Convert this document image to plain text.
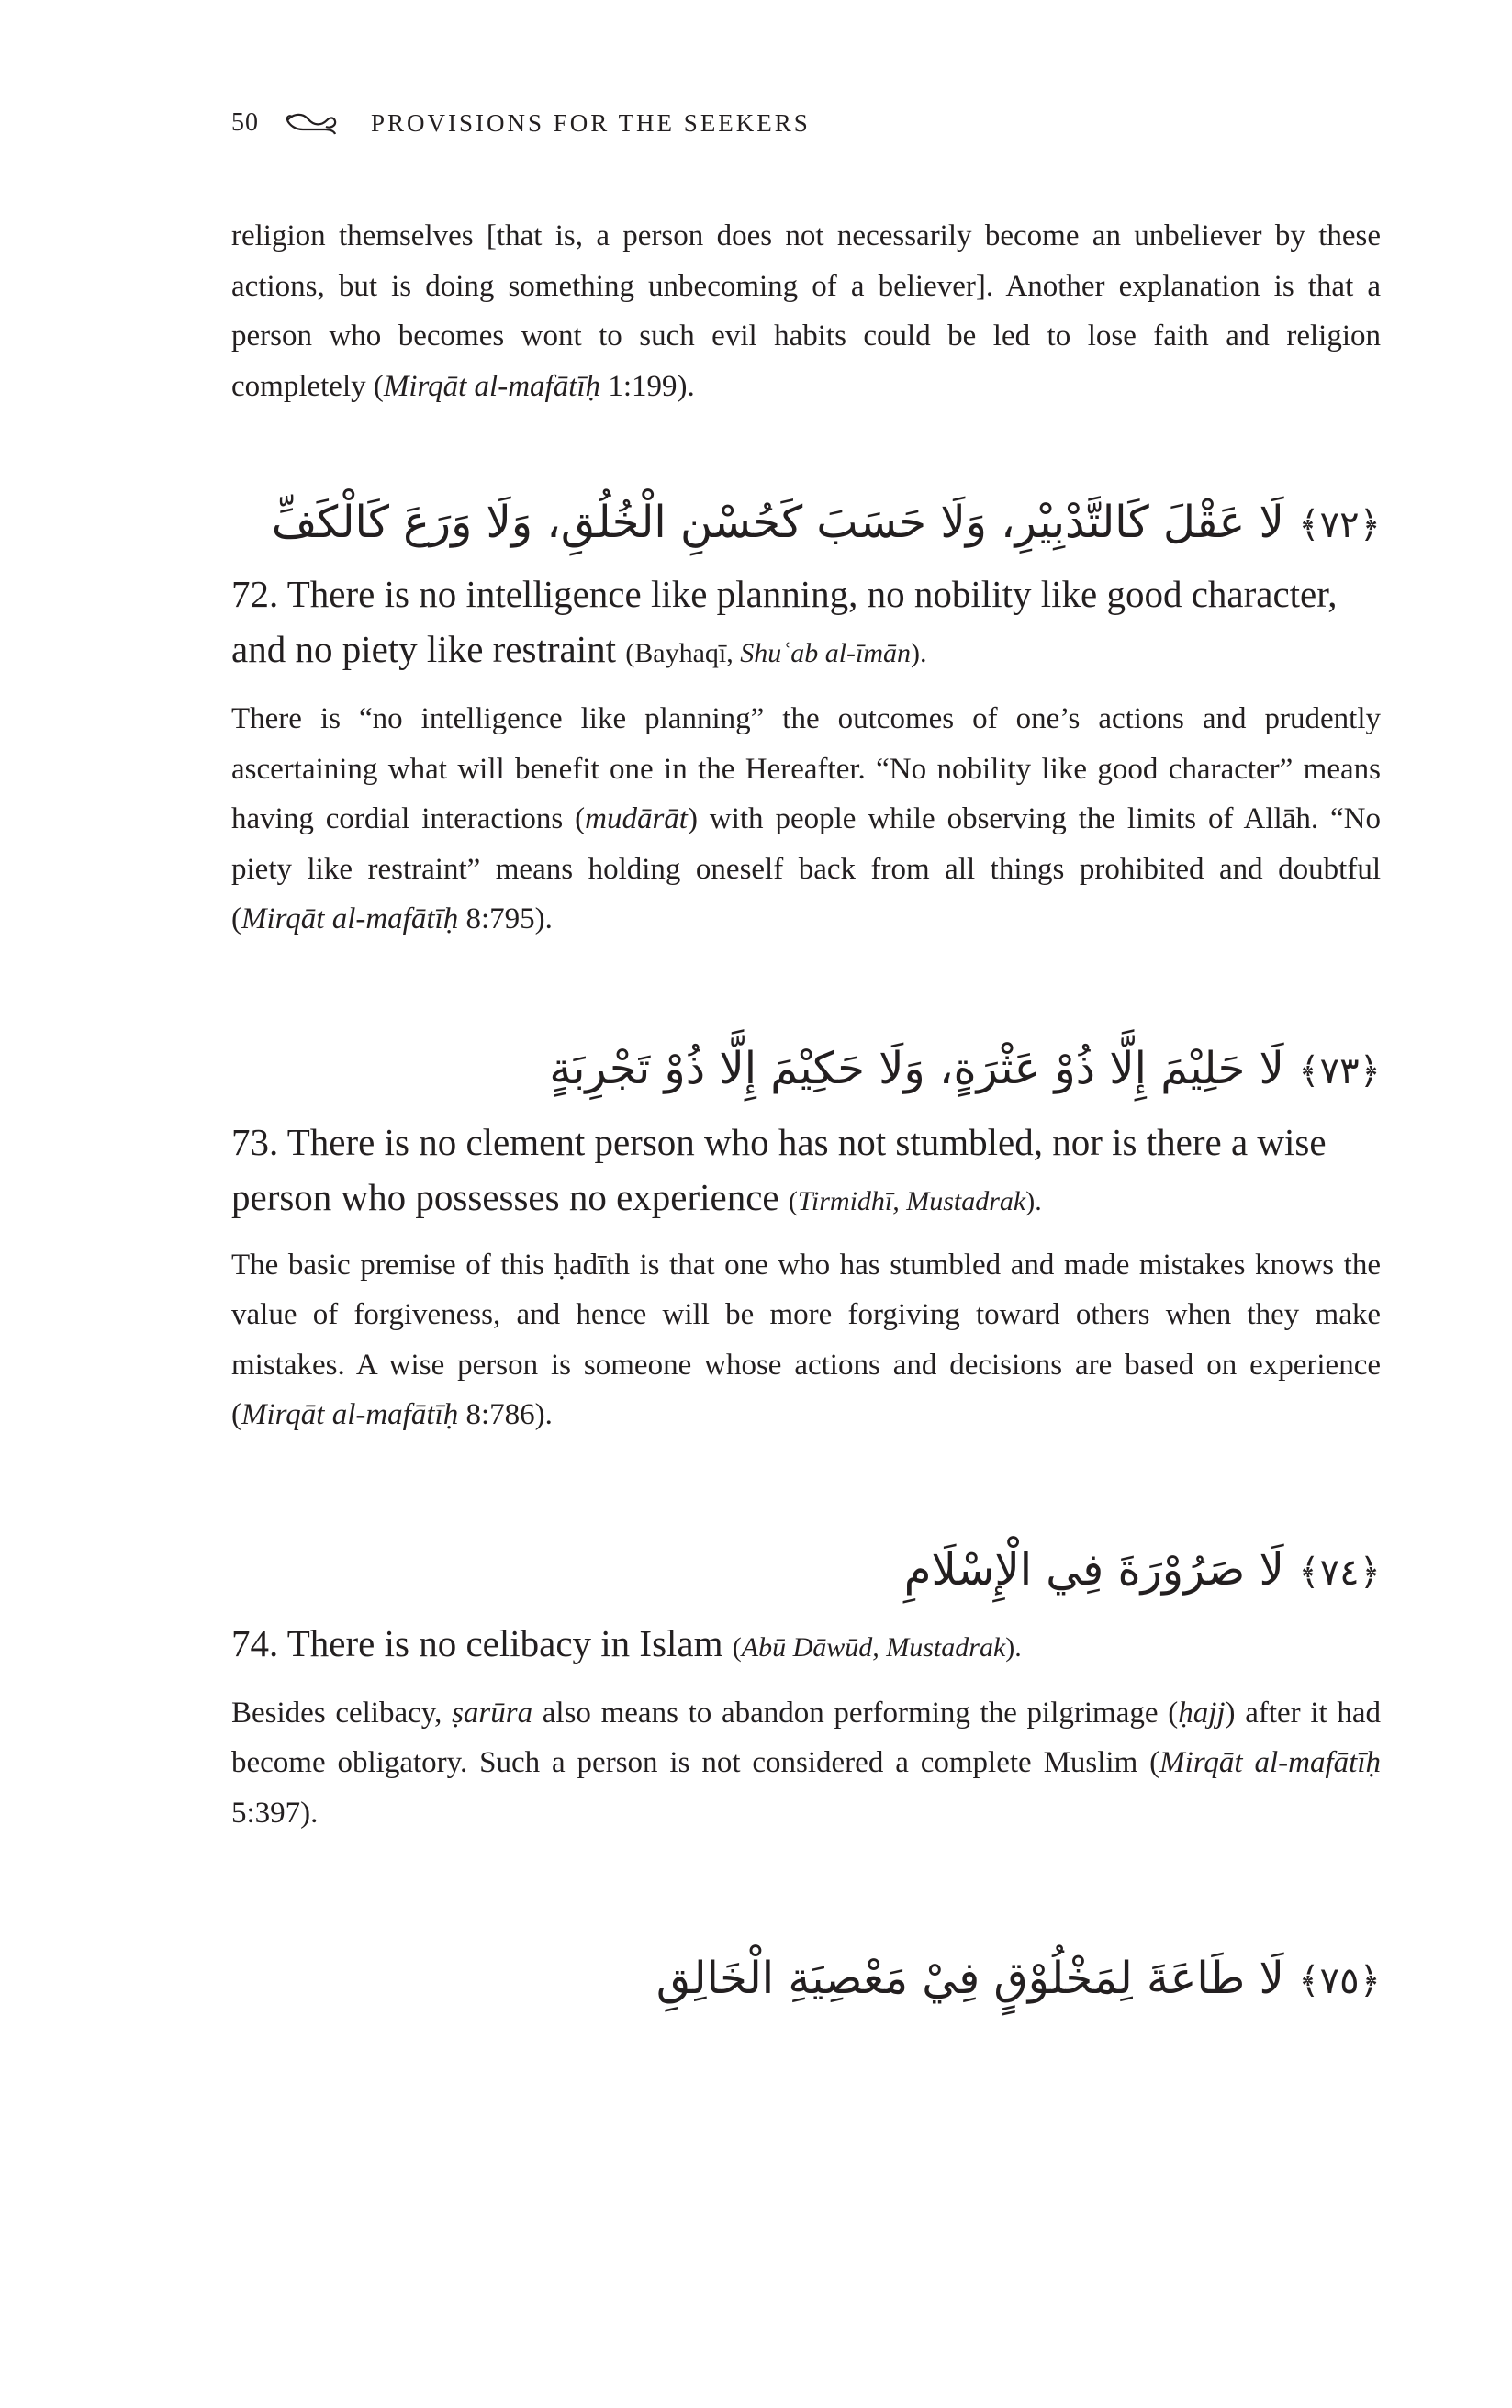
50	PROVISIONS FOR THE SEEKERS

religion themselves [that is, a person does not necessarily become an unbeliever by these actions, but is doing something unbecoming of a believer]. Another explanation is that a person who becomes wont to such evil habits could be led to lose faith and religion completely (Mirqāt al-mafātīḥ 1:199).

﴿٧٢﴾ لَا عَقْلَ كَالتَّدْبِيْرِ، وَلَا حَسَبَ كَحُسْنِ الْخُلُقِ، وَلَا وَرَعَ كَالْكَفِّ

72. There is no intelligence like planning, no nobility like good character, and no piety like restraint (Bayhaqī, Shuʿab al-īmān).

There is “no intelligence like planning” the outcomes of one’s actions and prudently ascertaining what will benefit one in the Hereafter. “No nobility like good character” means having cordial interactions (mudārāt) with people while observing the limits of Allāh. “No piety like restraint” means holding oneself back from all things prohibited and doubtful (Mirqāt al-mafātīḥ 8:795).

﴿٧٣﴾ لَا حَلِيْمَ إِلَّا ذُوْ عَثْرَةٍ، وَلَا حَكِيْمَ إِلَّا ذُوْ تَجْرِبَةٍ

73. There is no clement person who has not stumbled, nor is there a wise person who possesses no experience (Tirmidhī, Mustadrak).

The basic premise of this ḥadīth is that one who has stumbled and made mistakes knows the value of forgiveness, and hence will be more forgiving toward others when they make mistakes. A wise person is someone whose actions and decisions are based on experience (Mirqāt al-mafātīḥ 8:786).

﴿٧٤﴾ لَا صَرُوْرَةَ فِي الْإِسْلَامِ

74. There is no celibacy in Islam (Abū Dāwūd, Mustadrak).

Besides celibacy, ṣarūra also means to abandon performing the pilgrimage (ḥajj) after it had become obligatory. Such a person is not considered a complete Muslim (Mirqāt al-mafātīḥ 5:397).

﴿٧٥﴾ لَا طَاعَةَ لِمَخْلُوْقٍ فِيْ مَعْصِيَةِ الْخَالِقِ
